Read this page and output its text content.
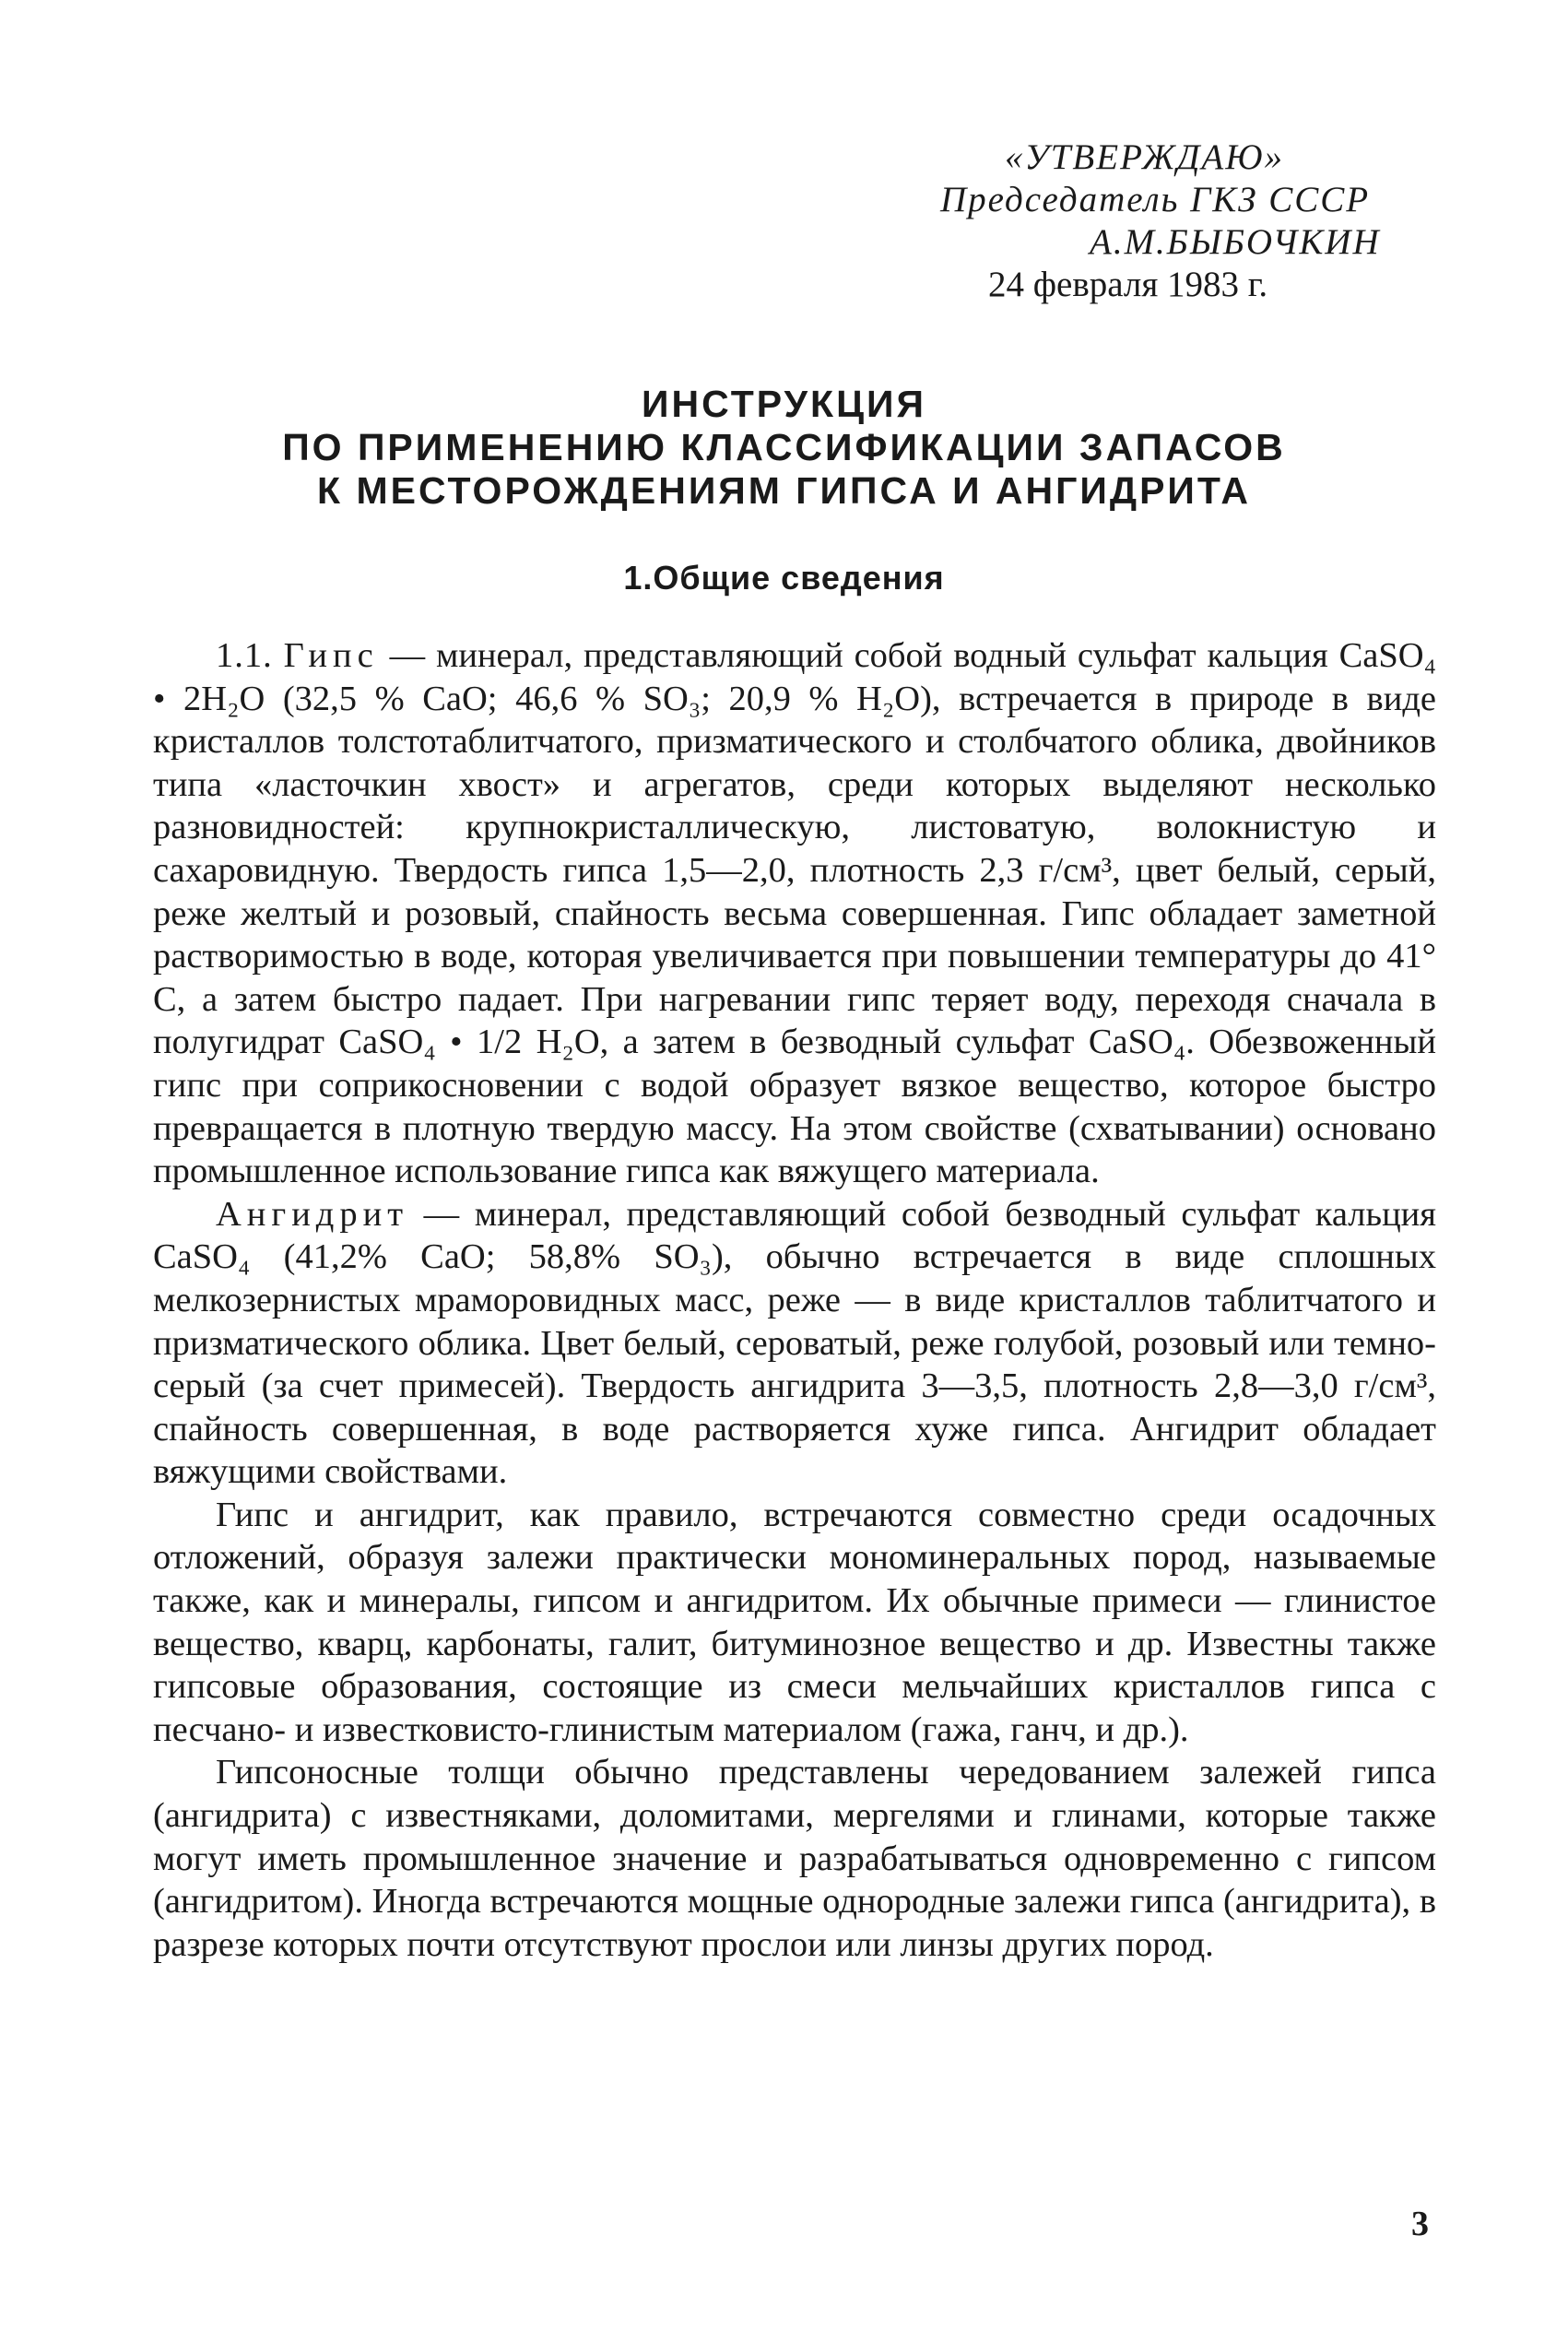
«УТВЕРЖДАЮ»
Председатель ГКЗ СССР
А.М.БЫБОЧКИН
24 февраля 1983 г.
ИНСТРУКЦИЯ
ПО ПРИМЕНЕНИЮ КЛАССИФИКАЦИИ ЗАПАСОВ
К МЕСТОРОЖДЕНИЯМ ГИПСА И АНГИДРИТА
1.Общие сведения

1.1. Гипс — минерал, представляющий собой водный сульфат кальция CaSO₄ • 2H₂O (32,5 % CaO; 46,6 % SO₃; 20,9 % H₂O), встречается в природе в виде кристаллов толстотаблитчатого, призматического и столбчатого облика, двойников типа «ласточкин хвост» и агрегатов, среди которых выделяют несколько разновидностей: крупнокристаллическую, листоватую, волокнистую и сахаровидную. Твердость гипса 1,5—2,0, плотность 2,3 г/см³, цвет белый, серый, реже желтый и розовый, спайность весьма совершенная. Гипс обладает заметной растворимостью в воде, которая увеличивается при повышении температуры до 41° С, а затем быстро падает. При нагревании гипс теряет воду, переходя сначала в полугидрат CaSO₄ • 1/2 H₂O, а затем в безводный сульфат CaSO₄. Обезвоженный гипс при соприкосновении с водой образует вязкое вещество, которое быстро превращается в плотную твердую массу. На этом свойстве (схватывании) основано промышленное использование гипса как вяжущего материала.

Ангидрит — минерал, представляющий собой безводный сульфат кальция CaSO₄ (41,2% CaO; 58,8% SO₃), обычно встречается в виде сплошных мелкозернистых мраморовидных масс, реже — в виде кристаллов таблитчатого и призматического облика. Цвет белый, сероватый, реже голубой, розовый или темно-серый (за счет примесей). Твердость ангидрита 3—3,5, плотность 2,8—3,0 г/см³, спайность совершенная, в воде растворяется хуже гипса. Ангидрит обладает вяжущими свойствами.

Гипс и ангидрит, как правило, встречаются совместно среди осадочных отложений, образуя залежи практически мономинеральных пород, называемые также, как и минералы, гипсом и ангидритом. Их обычные примеси — глинистое вещество, кварц, карбонаты, галит, битуминозное вещество и др. Известны также гипсовые образования, состоящие из смеси мельчайших кристаллов гипса с песчано- и известковисто-глинистым материалом (гажа, ганч, и др.).

Гипсоносные толщи обычно представлены чередованием залежей гипса (ангидрита) с известняками, доломитами, мергелями и глинами, которые также могут иметь промышленное значение и разрабатываться одновременно с гипсом (ангидритом). Иногда встречаются мощные однородные залежи гипса (ангидрита), в разрезе которых почти отсутствуют прослои или линзы других пород.

3
